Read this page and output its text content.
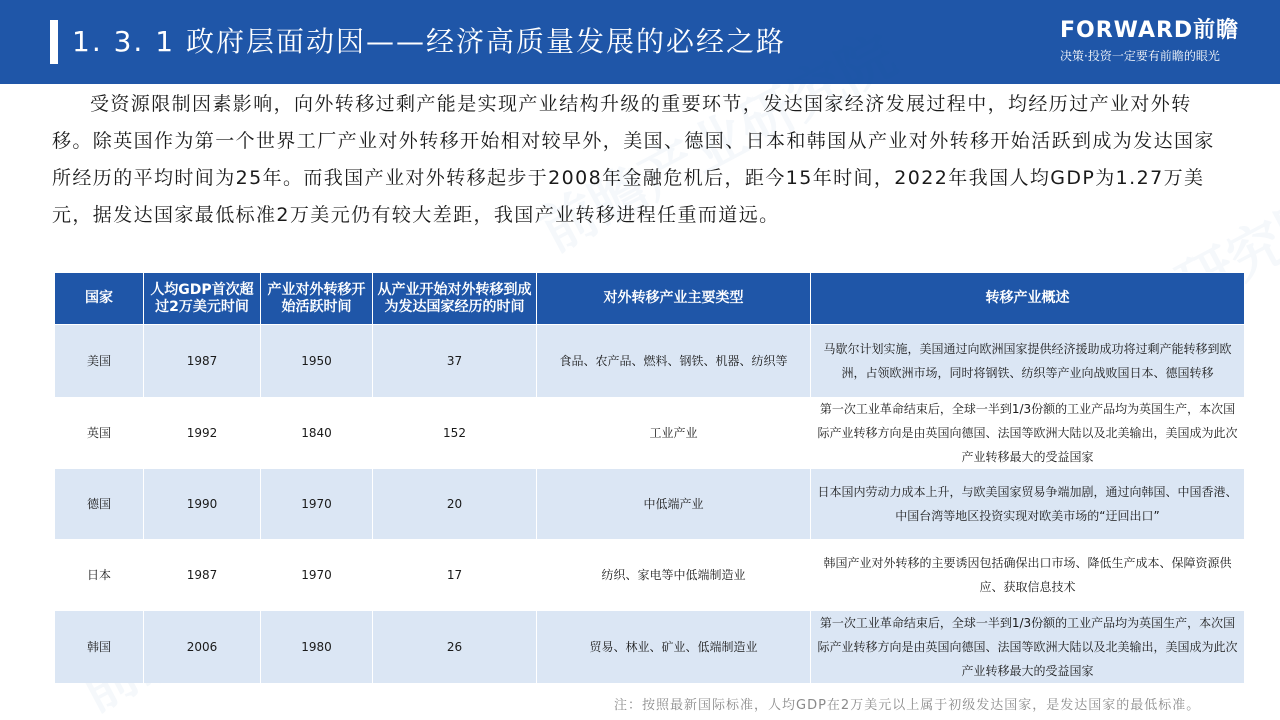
1. 3. 1 政府层面动因——经济高质量发展的必经之路	FORWARD前瞻
决策·投资一定要有前瞻的眼光

受资源限制因素影响，向外转移过剩产能是实现产业结构升级的重要环节，发达国家经济发展过程中，均经历过产业对外转移。除英国作为第一个世界工厂产业对外转移开始相对较早外，美国、德国、日本和韩国从产业对外转移开始活跃到成为发达国家所经历的平均时间为25年。而我国产业对外转移起步于2008年金融危机后，距今15年时间，2022年我国人均GDP为1.27万美元，据发达国家最低标准2万美元仍有较大差距，我国产业转移进程任重而道远。

国家	人均GDP首次超过2万美元时间	产业对外转移开始活跃时间	从产业开始对外转移到成为发达国家经历的时间	对外转移产业主要类型	转移产业概述
美国	1987	1950	37	食品、农产品、燃料、钢铁、机器、纺织等	马歇尔计划实施，美国通过向欧洲国家提供经济援助成功将过剩产能转移到欧洲，占领欧洲市场，同时将钢铁、纺织等产业向战败国日本、德国转移
英国	1992	1840	152	工业产业	第一次工业革命结束后，全球一半到1/3份额的工业产品均为英国生产，本次国际产业转移方向是由英国向德国、法国等欧洲大陆以及北美输出，美国成为此次产业转移最大的受益国家
德国	1990	1970	20	中低端产业	日本国内劳动力成本上升，与欧美国家贸易争端加剧，通过向韩国、中国香港、中国台湾等地区投资实现对欧美市场的“迂回出口”
日本	1987	1970	17	纺织、家电等中低端制造业	韩国产业对外转移的主要诱因包括确保出口市场、降低生产成本、保障资源供应、获取信息技术
韩国	2006	1980	26	贸易、林业、矿业、低端制造业	第一次工业革命结束后，全球一半到1/3份额的工业产品均为英国生产，本次国际产业转移方向是由英国向德国、法国等欧洲大陆以及北美输出，美国成为此次产业转移最大的受益国家
注：按照最新国际标准，人均GDP在2万美元以上属于初级发达国家，是发达国家的最低标准。
